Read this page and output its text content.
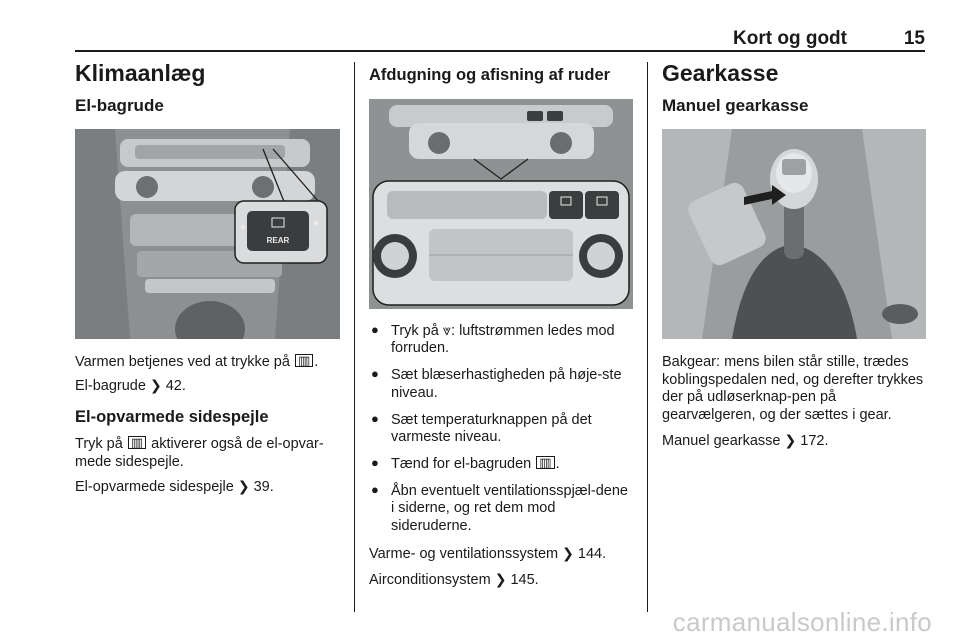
Kort og godt	15
Klimaanlæg
El-bagrude
REAR

Varmen betjenes ved at trykke på ▥ .

El-bagrude ❯ 42.

El-opvarmede sidespejle

Tryk på ▥ aktiverer også de el-opvar-mede sidespejle.

El-opvarmede sidespejle ❯ 39.

Afdugning og afisning af ruder
● Tryk på ⩔: luftstrømmen ledes mod forruden.
● Sæt blæserhastigheden på høje-ste niveau.
● Sæt temperaturknappen på det varmeste niveau.
● Tænd for el-bagruden ▥ .
● Åbn eventuelt ventilationsspjæl-dene i siderne, og ret dem mod sideruderne.

Varme- og ventilationssystem ❯ 144.

Airconditionsystem ❯ 145.

Gearkasse
Manuel gearkasse

Bakgear: mens bilen står stille, trædes koblingspedalen ned, og derefter trykkes der på udløserknap-pen på gearvælgeren, og der sættes i gear.

Manuel gearkasse ❯ 172.

carmanualsonline.info
